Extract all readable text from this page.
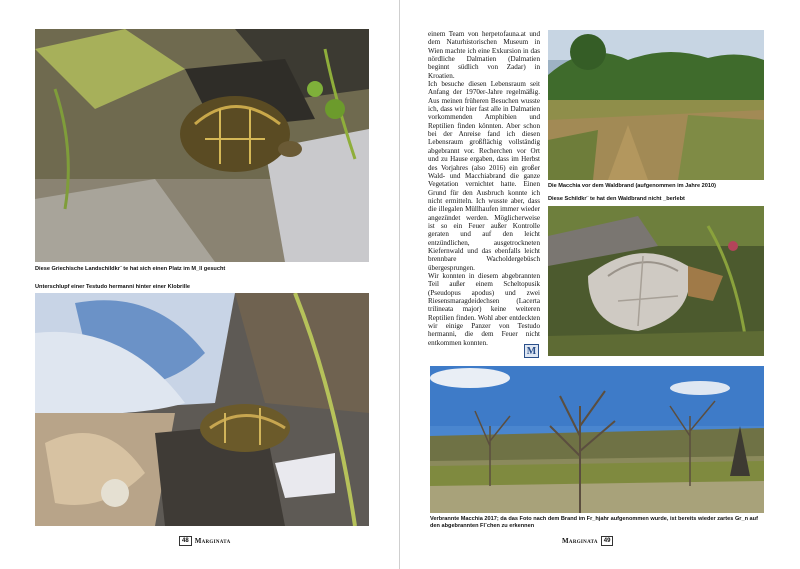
Diese Griechische Landschildkr¨ te hat sich einen Platz im M_ll gesucht
Unterschlupf einer Testudo hermanni hinter einer Klobrille
48 Marginata

einem Team von herpetofauna.at und dem Naturhistorischen Museum in Wien machte ich eine Exkursion in das nördliche Dalmatien (Dalmatien beginnt südlich von Zadar) in Kroatien.

Ich besuche diesen Lebensraum seit Anfang der 1970er-Jahre regelmäßig. Aus meinen früheren Besuchen wusste ich, dass wir hier fast alle in Dalmatien vorkommenden Amphibien und Reptilien finden könnten. Aber schon bei der Anreise fand ich diesen Lebensraum großflächig vollständig abgebrannt vor. Recherchen vor Ort und zu Hause ergaben, dass im Herbst des Vorjahres (also 2016) ein großer Wald- und Macchiabrand die ganze Vegetation vernichtet hatte. Einen Grund für den Ausbruch konnte ich nicht ermitteln. Ich wusste aber, dass die illegalen Müllhaufen immer wieder angezündet werden. Möglicherweise ist so ein Feuer außer Kontrolle geraten und auf den leicht entzündlichen, ausgetrockneten Kiefernwald und das ebenfalls leicht brennbare Wacholdergebüsch übergesprungen.

Wir konnten in diesem abgebrannten Teil außer einem Scheltopusik (Pseudopus apodus) und zwei Riesensmaragdeidechsen (Lacerta trilineata major) keine weiteren Reptilien finden. Wohl aber entdeckten wir einige Panzer von Testudo hermanni, die dem Feuer nicht entkommen konnten.

M
Die Macchia vor dem Waldbrand (aufgenommen im Jahre 2010)
Diese Schildkr¨ te hat den Waldbrand nicht _berlebt
Verbrannte Macchia 2017; da das Foto nach dem Brand im Fr_hjahr aufgenommen wurde, ist bereits wieder zartes Gr_n auf
den abgebrannten Fl¨chen zu erkennen
Marginata	49
